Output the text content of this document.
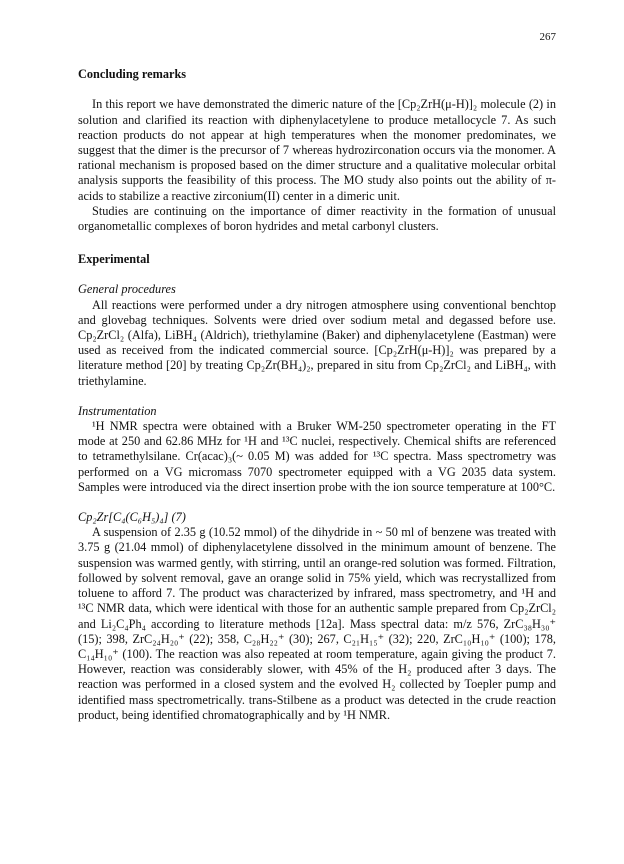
267
Concluding remarks

In this report we have demonstrated the dimeric nature of the [Cp₂ZrH(μ-H)]₂ molecule (2) in solution and clarified its reaction with diphenylacetylene to produce metallocycle 7. As such reaction products do not appear at high temperatures when the monomer predominates, we suggest that the dimer is the precursor of 7 whereas hydrozirconation occurs via the monomer. A rational mechanism is proposed based on the dimer structure and a qualitative molecular orbital analysis supports the feasibility of this process. The MO study also points out the ability of π-acids to stabilize a reactive zirconium(II) center in a dimeric unit.

Studies are continuing on the importance of dimer reactivity in the formation of unusual organometallic complexes of boron hydrides and metal carbonyl clusters.

Experimental
General procedures

All reactions were performed under a dry nitrogen atmosphere using conventional benchtop and glovebag techniques. Solvents were dried over sodium metal and degassed before use. Cp₂ZrCl₂ (Alfa), LiBH₄ (Aldrich), triethylamine (Baker) and diphenylacetylene (Eastman) were used as received from the indicated commercial source. [Cp₂ZrH(μ-H)]₂ was prepared by a literature method [20] by treating Cp₂Zr(BH₄)₂, prepared in situ from Cp₂ZrCl₂ and LiBH₄, with triethylamine.

Instrumentation

¹H NMR spectra were obtained with a Bruker WM-250 spectrometer operating in the FT mode at 250 and 62.86 MHz for ¹H and ¹³C nuclei, respectively. Chemical shifts are referenced to tetramethylsilane. Cr(acac)₃(~ 0.05 M) was added for ¹³C spectra. Mass spectrometry was performed on a VG micromass 7070 spectrometer equipped with a VG 2035 data system. Samples were introduced via the direct insertion probe with the ion source temperature at 100°C.

Cp₂Zr[C₄(C₆H₅)₄] (7)

A suspension of 2.35 g (10.52 mmol) of the dihydride in ~ 50 ml of benzene was treated with 3.75 g (21.04 mmol) of diphenylacetylene dissolved in the minimum amount of benzene. The suspension was warmed gently, with stirring, until an orange-red solution was formed. Filtration, followed by solvent removal, gave an orange solid in 75% yield, which was recrystallized from toluene to afford 7. The product was characterized by infrared, mass spectrometry, and ¹H and ¹³C NMR data, which were identical with those for an authentic sample prepared from Cp₂ZrCl₂ and Li₂C₄Ph₄ according to literature methods [12a]. Mass spectral data: m/z 576, ZrC₃₈H₃₀⁺ (15); 398, ZrC₂₄H₂₀⁺ (22); 358, C₂₈H₂₂⁺ (30); 267, C₂₁H₁₅⁺ (32); 220, ZrC₁₀H₁₀⁺ (100); 178, C₁₄H₁₀⁺ (100). The reaction was also repeated at room temperature, again giving the product 7. However, reaction was considerably slower, with 45% of the H₂ produced after 3 days. The reaction was performed in a closed system and the evolved H₂ collected by Toepler pump and identified mass spectrometrically. trans-Stilbene as a product was detected in the crude reaction product, being identified chromatographically and by ¹H NMR.
